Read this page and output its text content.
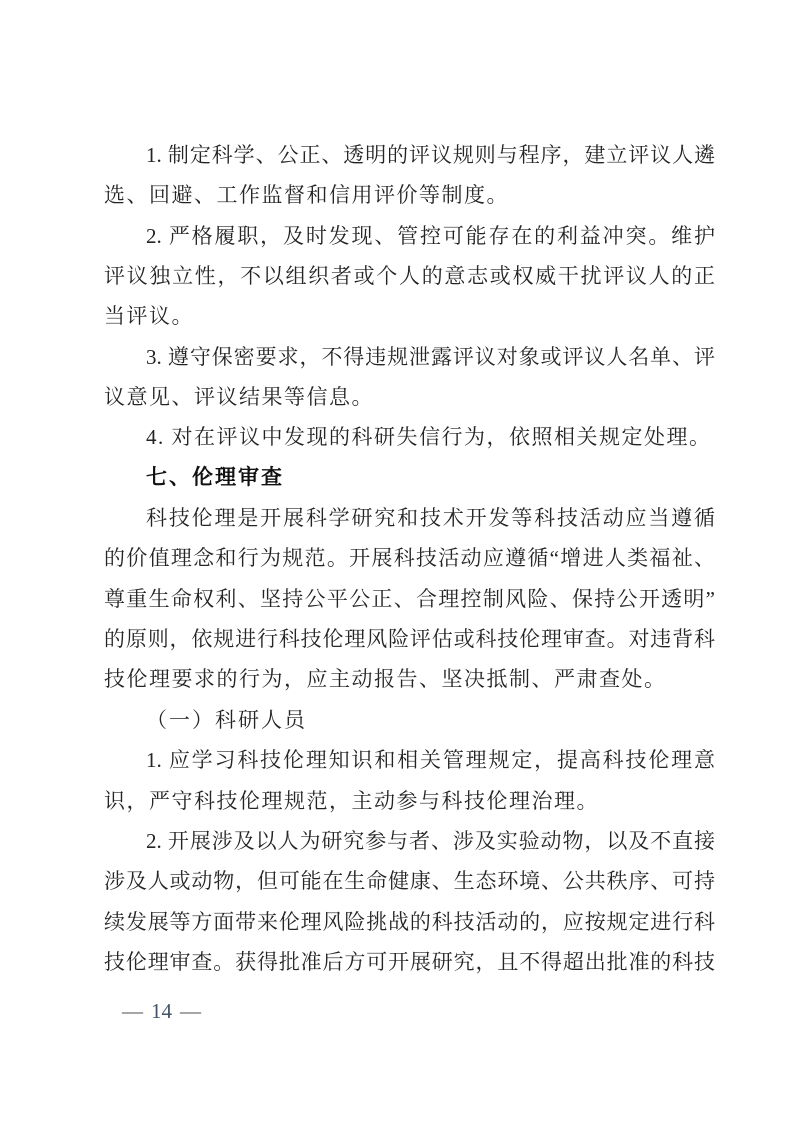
1. 制定科学、公正、透明的评议规则与程序，建立评议人遴
选、回避、工作监督和信用评价等制度。
2. 严格履职，及时发现、管控可能存在的利益冲突。维护
评议独立性，不以组织者或个人的意志或权威干扰评议人的正
当评议。
3. 遵守保密要求，不得违规泄露评议对象或评议人名单、评
议意见、评议结果等信息。
4. 对在评议中发现的科研失信行为，依照相关规定处理。
七、伦理审查
科技伦理是开展科学研究和技术开发等科技活动应当遵循
的价值理念和行为规范。开展科技活动应遵循“增进人类福祉、
尊重生命权利、坚持公平公正、合理控制风险、保持公开透明”
的原则，依规进行科技伦理风险评估或科技伦理审查。对违背科
技伦理要求的行为，应主动报告、坚决抵制、严肃查处。
（一）科研人员
1. 应学习科技伦理知识和相关管理规定，提高科技伦理意
识，严守科技伦理规范，主动参与科技伦理治理。
2. 开展涉及以人为研究参与者、涉及实验动物，以及不直接
涉及人或动物，但可能在生命健康、生态环境、公共秩序、可持
续发展等方面带来伦理风险挑战的科技活动的，应按规定进行科
技伦理审查。获得批准后方可开展研究，且不得超出批准的科技
— 14 —
